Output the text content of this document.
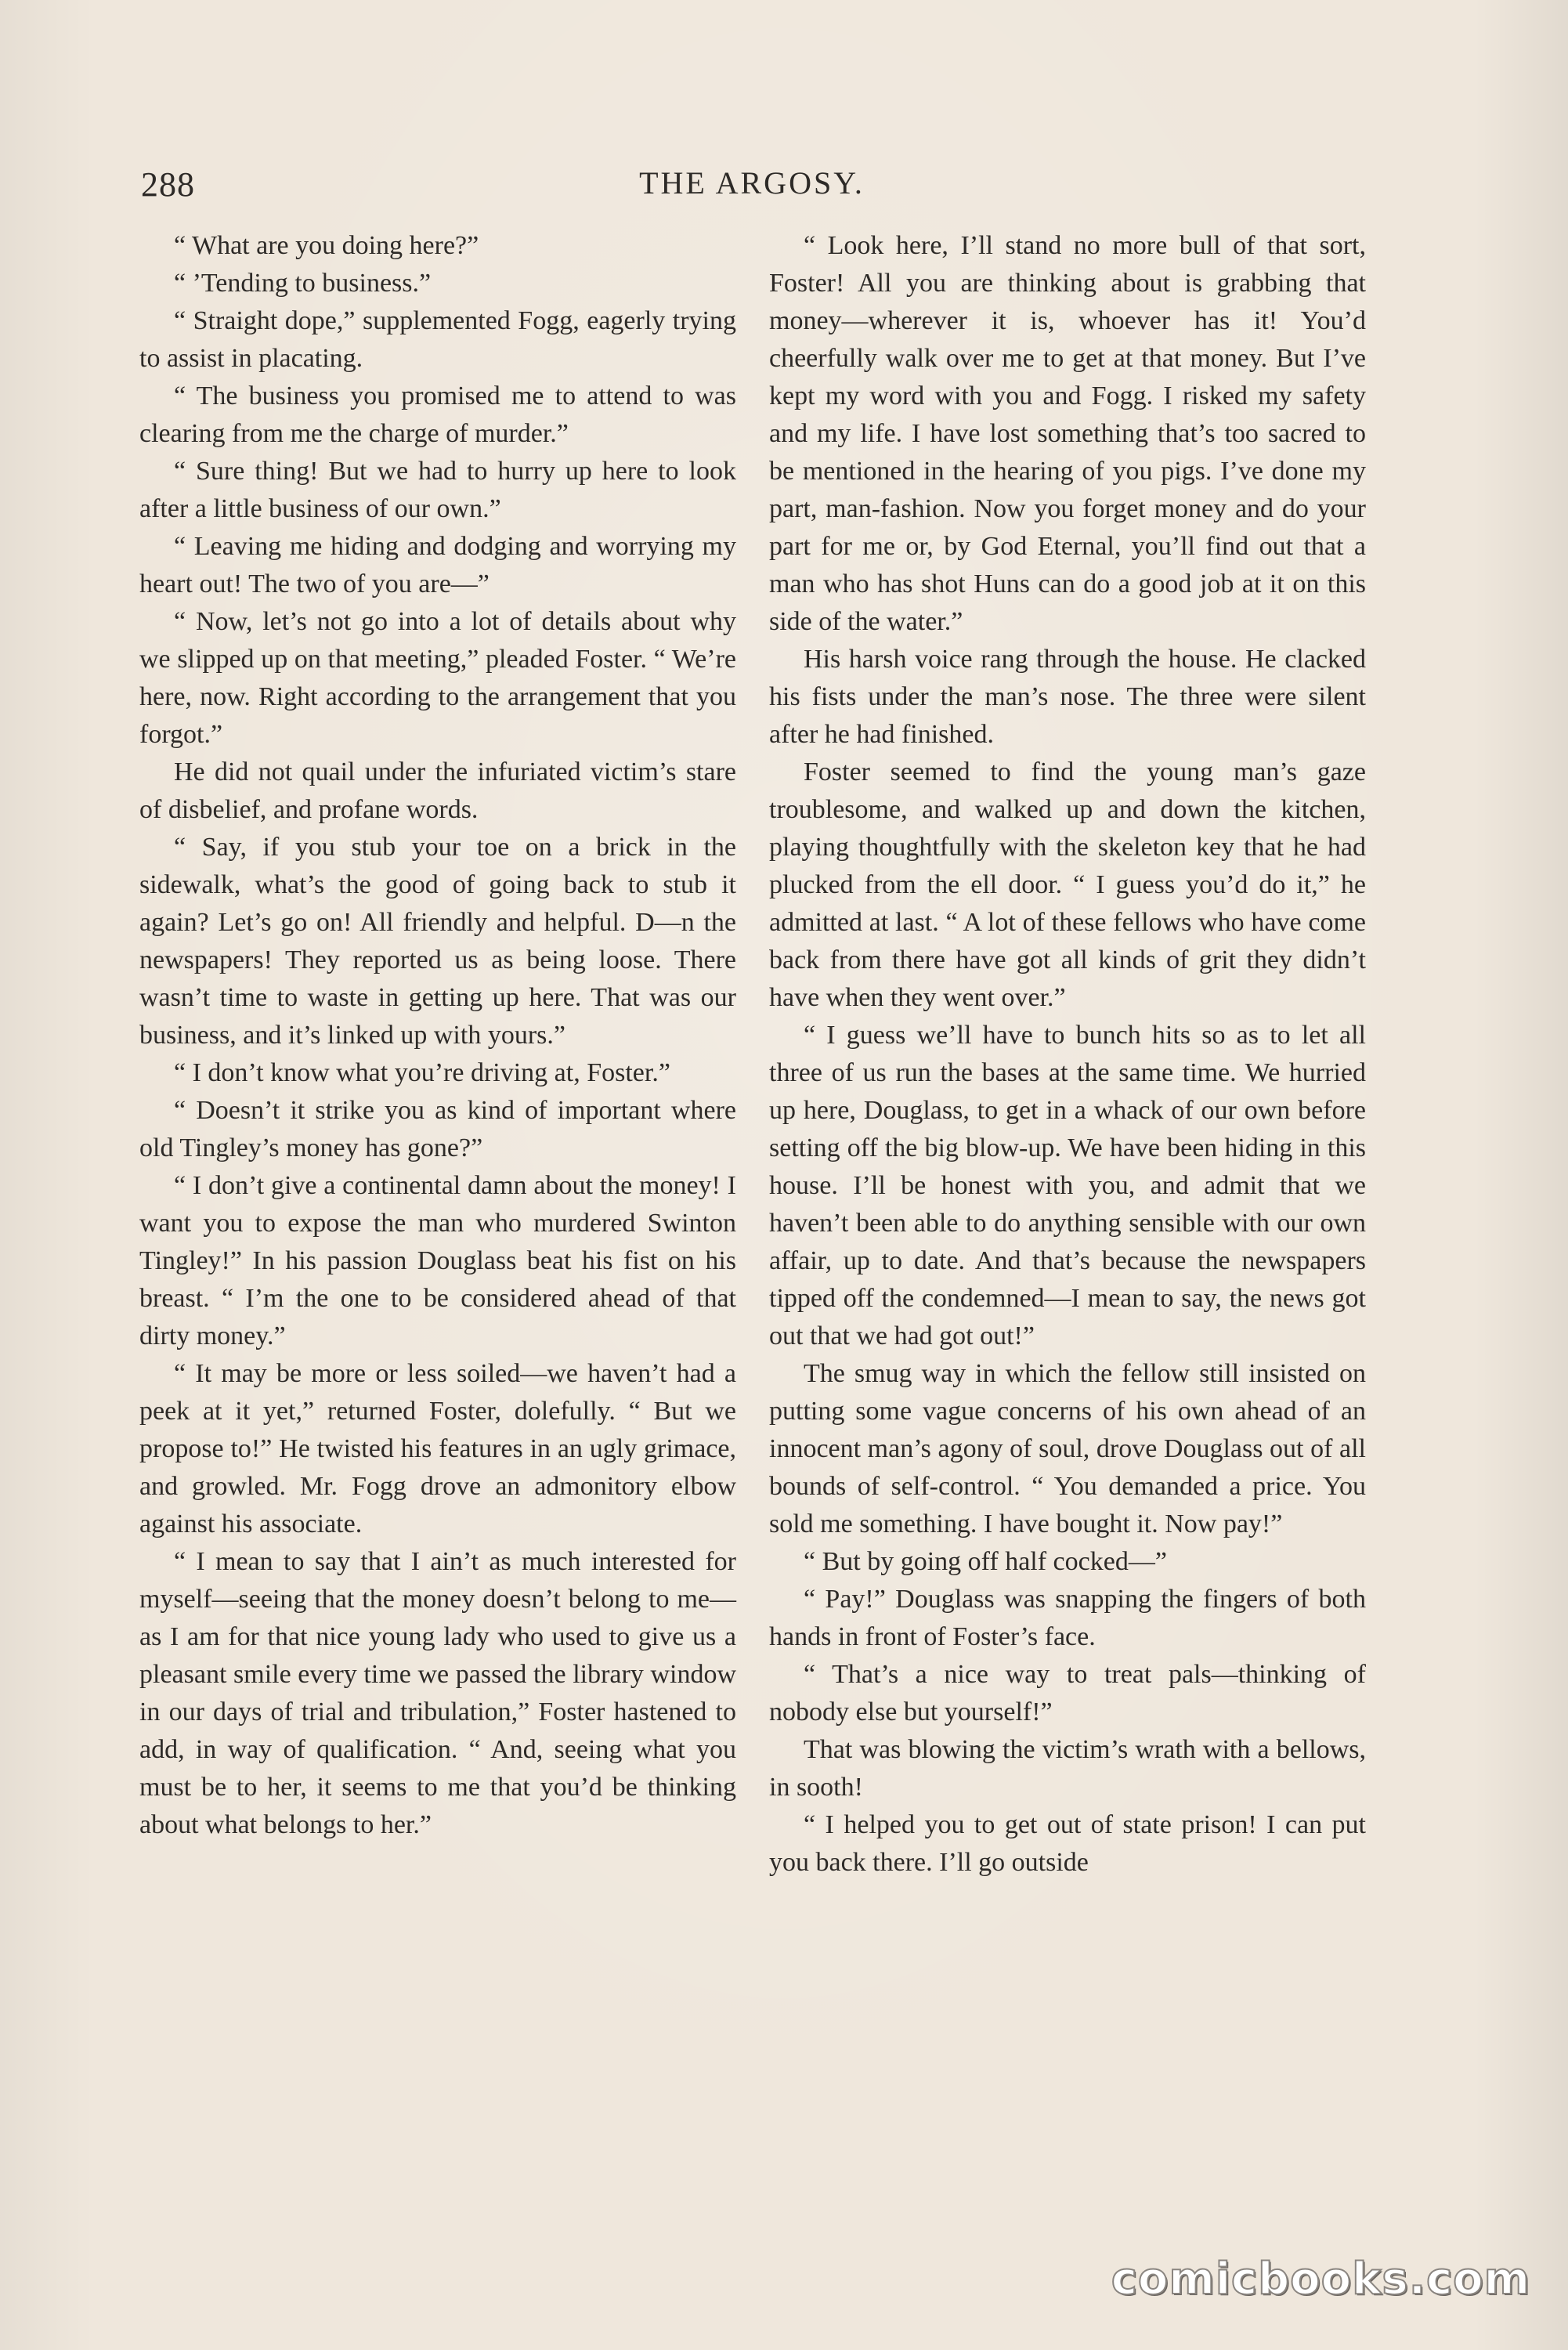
288	THE ARGOSY.

“ What are you doing here?”

“ ’Tending to business.”

“ Straight dope,” supplemented Fogg, eagerly trying to assist in placating.

“ The business you promised me to attend to was clearing from me the charge of murder.”

“ Sure thing! But we had to hurry up here to look after a little business of our own.”

“ Leaving me hiding and dodging and worrying my heart out! The two of you are—”

“ Now, let’s not go into a lot of details about why we slipped up on that meeting,” pleaded Foster. “ We’re here, now. Right according to the arrangement that you forgot.”

He did not quail under the infuriated victim’s stare of disbelief, and profane words.

“ Say, if you stub your toe on a brick in the sidewalk, what’s the good of going back to stub it again? Let’s go on! All friendly and helpful. D—n the newspapers! They reported us as being loose. There wasn’t time to waste in getting up here. That was our business, and it’s linked up with yours.”

“ I don’t know what you’re driving at, Foster.”

“ Doesn’t it strike you as kind of important where old Tingley’s money has gone?”

“ I don’t give a continental damn about the money! I want you to expose the man who murdered Swinton Tingley!” In his passion Douglass beat his fist on his breast. “ I’m the one to be considered ahead of that dirty money.”

“ It may be more or less soiled—we haven’t had a peek at it yet,” returned Foster, dolefully. “ But we propose to!” He twisted his features in an ugly grimace, and growled. Mr. Fogg drove an admonitory elbow against his associate.

“ I mean to say that I ain’t as much interested for myself—seeing that the money doesn’t belong to me—as I am for that nice young lady who used to give us a pleasant smile every time we passed the library window in our days of trial and tribulation,” Foster hastened to add, in way of qualification. “ And, seeing what you must be to her, it seems to me that you’d be thinking about what belongs to her.”

“ Look here, I’ll stand no more bull of that sort, Foster! All you are thinking about is grabbing that money—wherever it is, whoever has it! You’d cheerfully walk over me to get at that money. But I’ve kept my word with you and Fogg. I risked my safety and my life. I have lost something that’s too sacred to be mentioned in the hearing of you pigs. I’ve done my part, man-fashion. Now you forget money and do your part for me or, by God Eternal, you’ll find out that a man who has shot Huns can do a good job at it on this side of the water.”

His harsh voice rang through the house. He clacked his fists under the man’s nose. The three were silent after he had finished.

Foster seemed to find the young man’s gaze troublesome, and walked up and down the kitchen, playing thoughtfully with the skeleton key that he had plucked from the ell door. “ I guess you’d do it,” he admitted at last. “ A lot of these fellows who have come back from there have got all kinds of grit they didn’t have when they went over.”

“ I guess we’ll have to bunch hits so as to let all three of us run the bases at the same time. We hurried up here, Douglass, to get in a whack of our own before setting off the big blow-up. We have been hiding in this house. I’ll be honest with you, and admit that we haven’t been able to do anything sensible with our own affair, up to date. And that’s because the newspapers tipped off the condemned—I mean to say, the news got out that we had got out!”

The smug way in which the fellow still insisted on putting some vague concerns of his own ahead of an innocent man’s agony of soul, drove Douglass out of all bounds of self-control. “ You demanded a price. You sold me something. I have bought it. Now pay!”

“ But by going off half cocked—”

“ Pay!” Douglass was snapping the fingers of both hands in front of Foster’s face.

“ That’s a nice way to treat pals—thinking of nobody else but yourself!”

That was blowing the victim’s wrath with a bellows, in sooth!

“ I helped you to get out of state prison! I can put you back there. I’ll go outside

comicbooks.com
